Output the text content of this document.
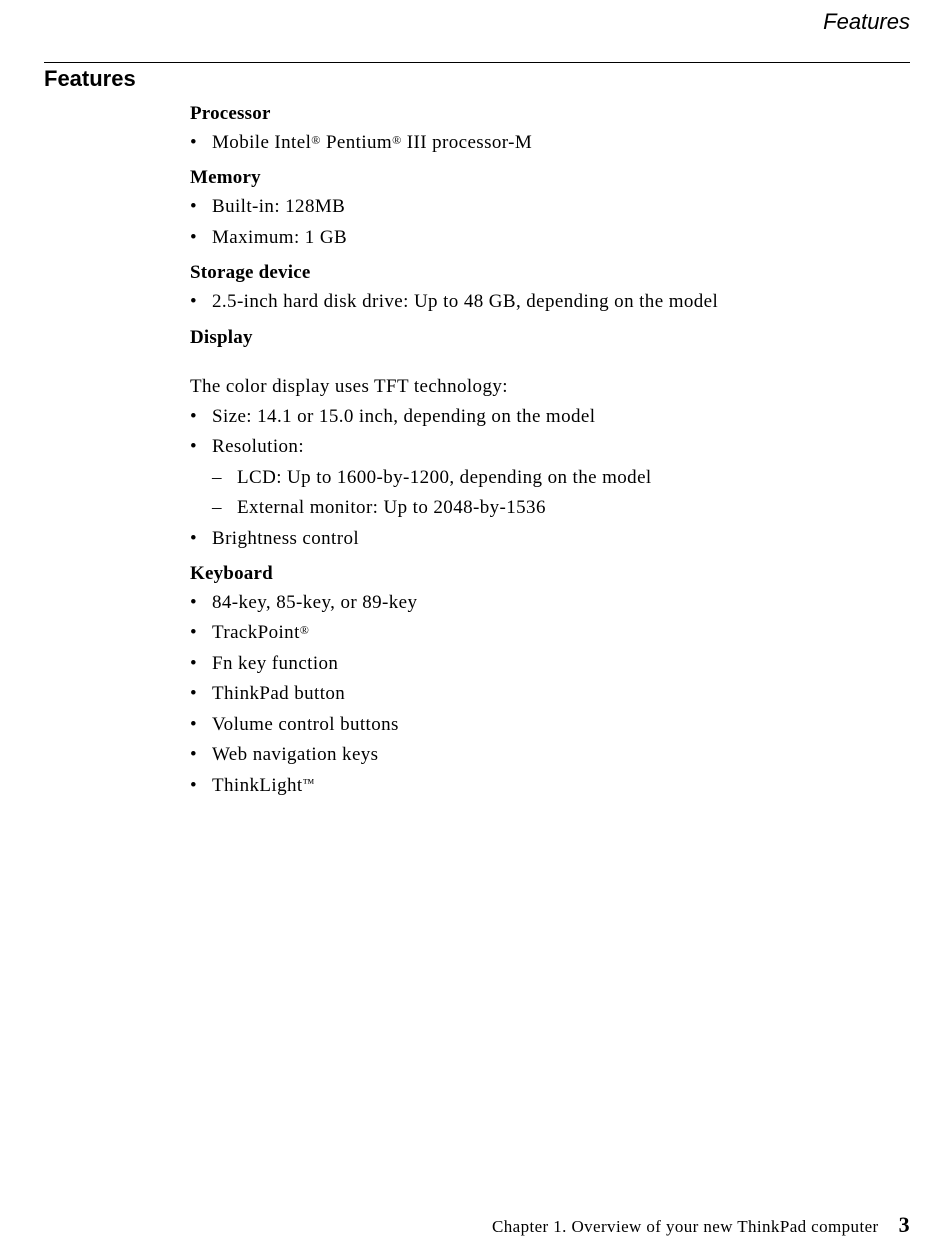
Features

Features
Processor
• Mobile Intel® Pentium® III processor-M
Memory
• Built-in: 128MB
• Maximum: 1 GB
Storage device
• 2.5-inch hard disk drive: Up to 48 GB, depending on the model
Display

The color display uses TFT technology:

• Size: 14.1 or 15.0 inch, depending on the model
• Resolution:
– LCD: Up to 1600-by-1200, depending on the model
– External monitor: Up to 2048-by-1536
• Brightness control
Keyboard
• 84-key, 85-key, or 89-key
• TrackPoint®
• Fn key function
• ThinkPad button
• Volume control buttons
• Web navigation keys
• ThinkLight™
Chapter 1. Overview of your new ThinkPad computer 3
